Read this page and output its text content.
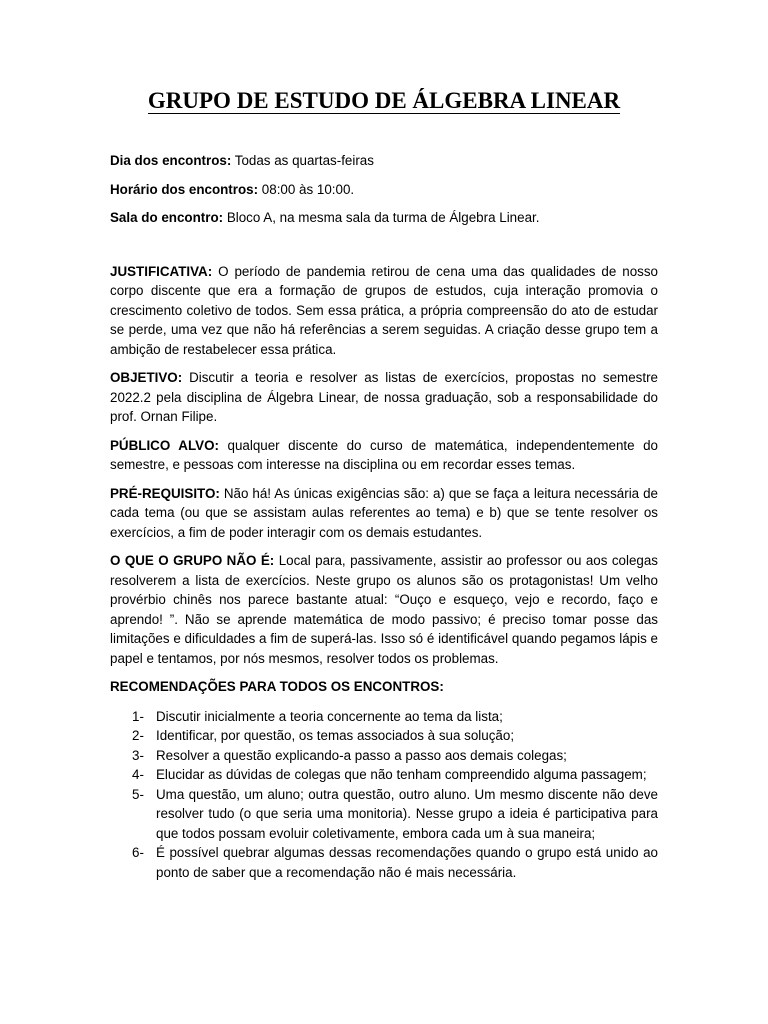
GRUPO DE ESTUDO DE ÁLGEBRA LINEAR

Dia dos encontros: Todas as quartas-feiras

Horário dos encontros: 08:00 às 10:00.

Sala do encontro: Bloco A, na mesma sala da turma de Álgebra Linear.

JUSTIFICATIVA: O período de pandemia retirou de cena uma das qualidades de nosso corpo discente que era a formação de grupos de estudos, cuja interação promovia o crescimento coletivo de todos. Sem essa prática, a própria compreensão do ato de estudar se perde, uma vez que não há referências a serem seguidas. A criação desse grupo tem a ambição de restabelecer essa prática.

OBJETIVO: Discutir a teoria e resolver as listas de exercícios, propostas no semestre 2022.2 pela disciplina de Álgebra Linear, de nossa graduação, sob a responsabilidade do prof. Ornan Filipe.

PÚBLICO ALVO: qualquer discente do curso de matemática, independentemente do semestre, e pessoas com interesse na disciplina ou em recordar esses temas.

PRÉ-REQUISITO: Não há! As únicas exigências são: a) que se faça a leitura necessária de cada tema (ou que se assistam aulas referentes ao tema) e b) que se tente resolver os exercícios, a fim de poder interagir com os demais estudantes.

O QUE O GRUPO NÃO É: Local para, passivamente, assistir ao professor ou aos colegas resolverem a lista de exercícios. Neste grupo os alunos são os protagonistas! Um velho provérbio chinês nos parece bastante atual: “Ouço e esqueço, vejo e recordo, faço e aprendo! ”. Não se aprende matemática de modo passivo; é preciso tomar posse das limitações e dificuldades a fim de superá-las. Isso só é identificável quando pegamos lápis e papel e tentamos, por nós mesmos, resolver todos os problemas.

RECOMENDAÇÕES PARA TODOS OS ENCONTROS:

1- Discutir inicialmente a teoria concernente ao tema da lista;
2- Identificar, por questão, os temas associados à sua solução;
3- Resolver a questão explicando-a passo a passo aos demais colegas;
4- Elucidar as dúvidas de colegas que não tenham compreendido alguma passagem;
5- Uma questão, um aluno; outra questão, outro aluno. Um mesmo discente não deve resolver tudo (o que seria uma monitoria). Nesse grupo a ideia é participativa para que todos possam evoluir coletivamente, embora cada um à sua maneira;
6- É possível quebrar algumas dessas recomendações quando o grupo está unido ao ponto de saber que a recomendação não é mais necessária.
